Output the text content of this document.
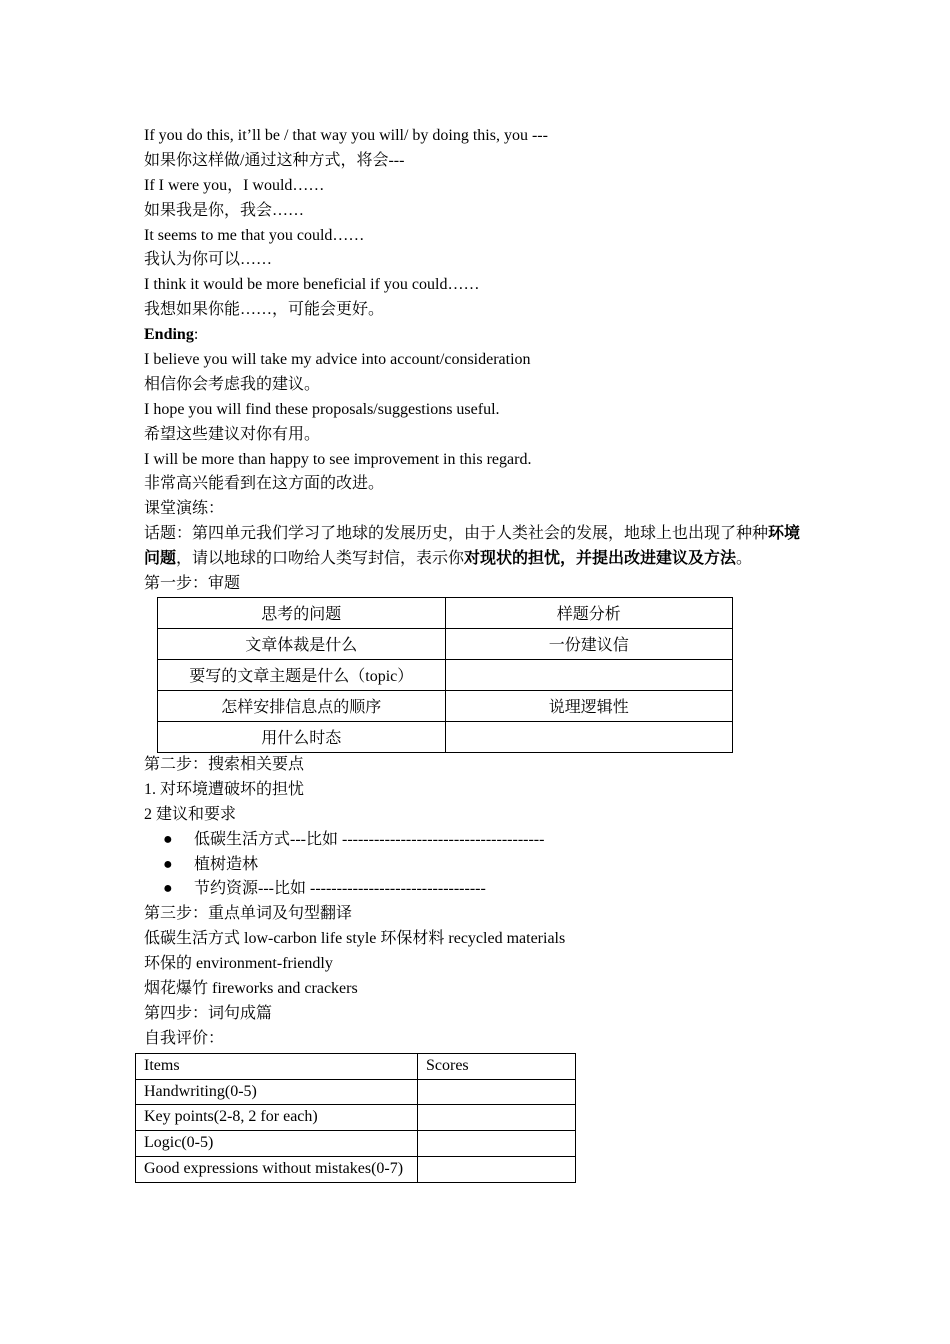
If you do this, it’ll be / that way you will/ by doing this, you ---
如果你这样做/通过这种方式，将会---
If I were you，I would……
如果我是你，我会……
It seems to me that you could……
我认为你可以……
I think it would be more beneficial if you could……
我想如果你能……，可能会更好。
Ending:
I believe you will take my advice into account/consideration
相信你会考虑我的建议。
I hope you will find these proposals/suggestions useful.
希望这些建议对你有用。
I will be more than happy to see improvement in this regard.
非常高兴能看到在这方面的改进。
课堂演练：
话题：第四单元我们学习了地球的发展历史，由于人类社会的发展，地球上也出现了种种环境问题，请以地球的口吻给人类写封信，表示你对现状的担忧，并提出改进建议及方法。
第一步：审题
思考的问题	样题分析
文章体裁是什么	一份建议信
要写的文章主题是什么（topic）	
怎样安排信息点的顺序	说理逻辑性
用什么时态	
第二步：搜索相关要点
1. 对环境遭破坏的担忧
2 建议和要求
● 低碳生活方式---比如 --------------------------------------
● 植树造林
● 节约资源---比如 ---------------------------------
第三步：重点单词及句型翻译
低碳生活方式 low-carbon life style 环保材料 recycled materials
环保的 environment-friendly
烟花爆竹 fireworks and crackers
第四步：词句成篇
自我评价：
Items	Scores
Handwriting(0-5)	
Key points(2-8, 2 for each)	
Logic(0-5)	
Good expressions without mistakes(0-7)	
